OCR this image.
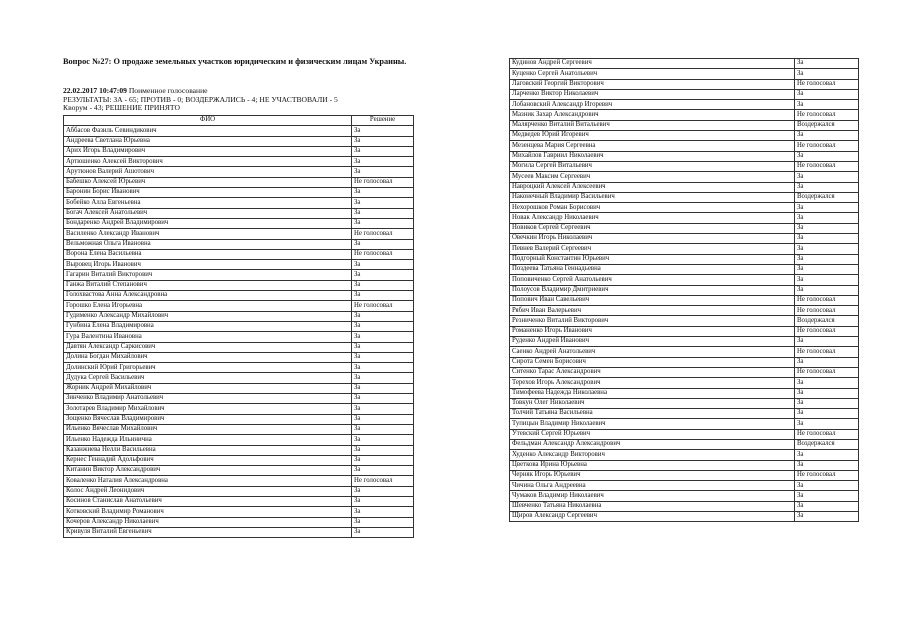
Вопрос №27: О продаже земельных участков юридическим и физическим лицам Украины.
22.02.2017 10:47:09 Поименное голосование
РЕЗУЛЬТАТЫ: ЗА - 65; ПРОТИВ - 0; ВОЗДЕРЖАЛИСЬ - 4; НЕ УЧАСТВОВАЛИ - 5
Кворум - 43; РЕШЕНИЕ ПРИНЯТО
ФИО	Решение
Аббасов Фазиль Севиндикович	За
Андреева Светлана Юрьевна	За
Арих Игорь Владимирович	За
Артюшенко Алексей Викторович	За
Арутюнов Валерий Ашотович	За
Бабешко Алексей Юрьевич	Не голосовал
Баронин Борис Иванович	За
Бобейко Алла Евгеньевна	За
Богач Алексей Анатольевич	За
Бондаренко Андрей Владимирович	За
Василенко Александр Иванович	Не голосовал
Вельможная Ольга Ивановна	За
Ворона Елена Васильевна	Не голосовал
Выровец Игорь Иванович	За
Гагарин Виталий Викторович	За
Ганжа Виталий Степанович	За
Голохвастова Анна Александровна	За
Горошко Елена Игорьевна	Не голосовал
Гудименко Александр Михайлович	За
Гунбина Елена Владимировна	За
Гура Валентина Ивановна	За
Давтян Александр Саркисович	За
Долина Богдан Михайлович	За
Долинский Юрий Григорьевич	За
Дудука Сергей Васильевич	За
Жорник Андрей Михайлович	За
Зинченко Владимир Анатольевич	За
Золотарев Владимир Михайлович	За
Зощенко Вячеслав Владимирович	За
Ильенко Вячеслав Михайлович	За
Ильенко Надежда Ильинична	За
Казанжиева Нелли Васильевна	За
Кернес Геннадий Адольфович	За
Китанин Виктор Александрович	За
Коваленко Наталия Александровна	Не голосовал
Колос Андрей Леонидович	За
Косинов Станислав Анатольевич	За
Котковский Владимир Романович	За
Кочеров Александр Николаевич	За
Кривуля Виталий Евгеньевич	За
Кудинов Андрей Сергеевич	За
Куценко Сергей Анатольевич	За
Лаговский Георгий Викторович	Не голосовал
Ларченко Виктор Николаевич	За
Лобановский Александр Игоревич	За
Мазник Захар Александрович	Не голосовал
Малярченко Виталий Витальевич	Воздержался
Медведев Юрий Игоревич	За
Мезенцева Мария Сергеевна	Не голосовал
Михайлов Гавриил Николаевич	За
Могила Сергей Витальевич	Не голосовал
Мусеев Максим Сергеевич	За
Навроцкий Алексей Алексеевич	За
Наконечный Владимир Васильевич	Воздержался
Нехорошков Роман Борисович	За
Новак Александр Николаевич	За
Новиков Сергей Сергеевич	За
Овечкин Игорь Николаевич	За
Певнев Валерий Сергеевич	За
Подгорный Константин Юрьевич	За
Поздеева Татьяна Геннадьевна	За
Поповиченко Сергей Анатольевич	За
Полоусов Владимир Дмитриевич	За
Попович Иван Савельевич	Не голосовал
Рябич Иван Валерьевич	Не голосовал
Резниченко Виталий Викторович	Воздержался
Романенко Игорь Иванович	Не голосовал
Руденко Андрей Иванович	За
Саенко Андрей Анатольевич	Не голосовал
Сирота Семен Борисович	За
Ситенко Тарас Александрович	Не голосовал
Терехов Игорь Александрович	За
Тимофеева Надежда Николаевна	За
Товкун Олег Николаевич	За
Толчий Татьяна Васильевна	За
Тупицын Владимир Николаевич	За
Утевский Сергей Юрьевич	Не голосовал
Фельдман Александр Александрович	Воздержался
Худенко Александр Викторович	За
Цветкова Ирина Юрьевна	За
Черняк Игорь Юрьевич	Не голосовал
Чичина Ольга Андреевна	За
Чумаков Владимир Николаевич	За
Шевченко Татьяна Николаевна	За
Щиров Александр Сергеевич	За
